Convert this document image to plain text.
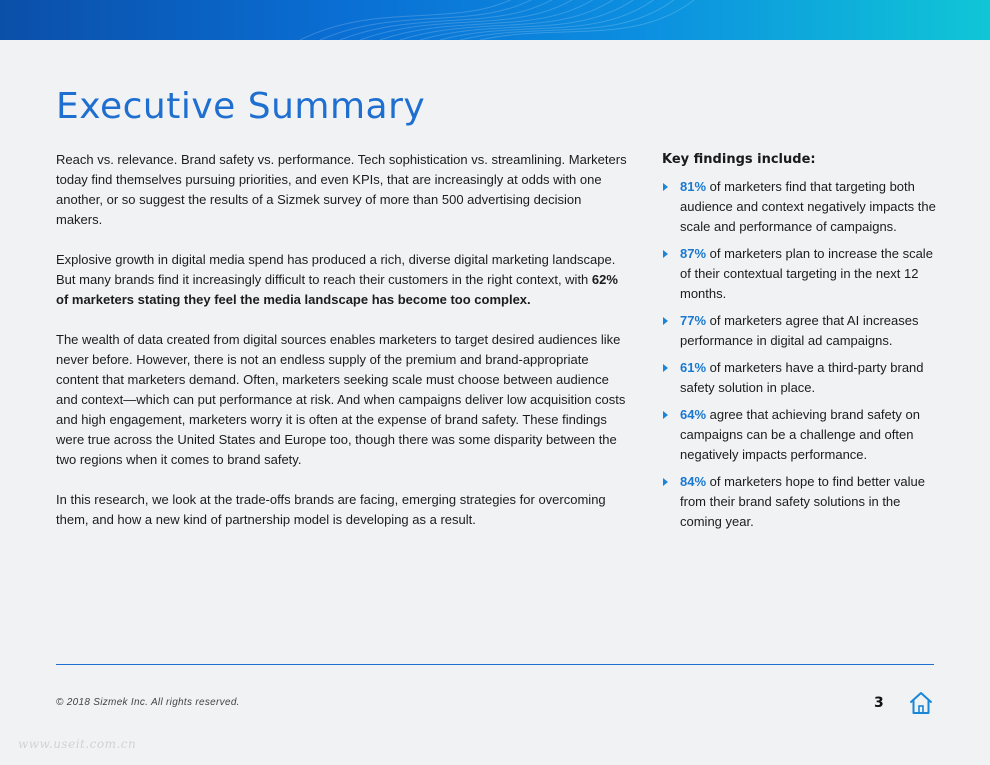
Executive Summary

Reach vs. relevance. Brand safety vs. performance. Tech sophistication vs. streamlining. Marketers today find themselves pursuing priorities, and even KPIs, that are increasingly at odds with one another, or so suggest the results of a Sizmek survey of more than 500 advertising decision makers.

Explosive growth in digital media spend has produced a rich, diverse digital marketing landscape. But many brands find it increasingly difficult to reach their customers in the right context, with 62% of marketers stating they feel the media landscape has become too complex.

The wealth of data created from digital sources enables marketers to target desired audiences like never before. However, there is not an endless supply of the premium and brand-appropriate content that marketers demand. Often, marketers seeking scale must choose between audience and context—which can put performance at risk. And when campaigns deliver low acquisition costs and high engagement, marketers worry it is often at the expense of brand safety. These findings were true across the United States and Europe too, though there was some disparity between the two regions when it comes to brand safety.

In this research, we look at the trade-offs brands are facing, emerging strategies for overcoming them, and how a new kind of partnership model is developing as a result.

Key findings include:
81% of marketers find that targeting both audience and context negatively impacts the scale and performance of campaigns.
87% of marketers plan to increase the scale of their contextual targeting in the next 12 months.
77% of marketers agree that AI increases performance in digital ad campaigns.
61% of marketers have a third-party brand safety solution in place.
64% agree that achieving brand safety on campaigns can be a challenge and often negatively impacts performance.
84% of marketers hope to find better value from their brand safety solutions in the coming year.
© 2018 Sizmek Inc. All rights reserved.	3
www.useit.com.cn
